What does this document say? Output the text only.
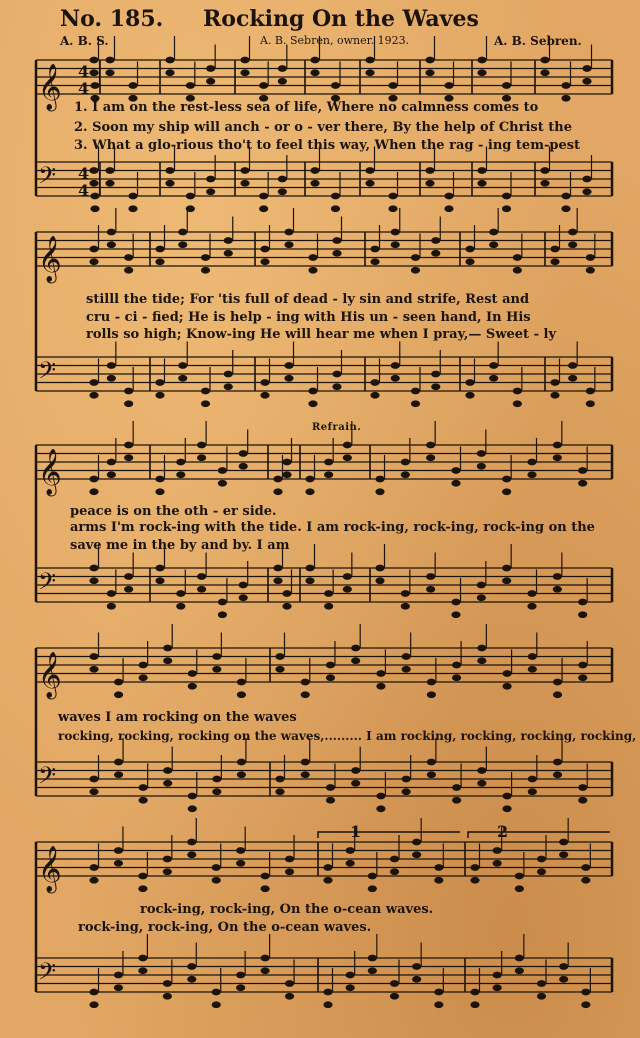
No. 185. Rocking On the Waves
A. B. S.	A. B. Sebren, owner. 1923.	A. B. Sebren.
𝄞
𝄢
𝄞
𝄢
𝄞
𝄢
𝄞
𝄢
𝄞
𝄢
4
4
4
4
1. I am on the rest-less sea of life, Where no calmness comes to
2. Soon my ship will anch - or o - ver there, By the help of Christ the
3. What a glo-rious tho't to feel this way, When the rag - ing tem-pest
stilll the tide; For 'tis full of dead - ly sin and strife, Rest and
cru - ci - fied; He is help - ing with His un - seen hand, In His
rolls so high; Know-ing He will hear me when I pray,— Sweet - ly
Refrain.
peace is on the oth - er side.
arms I'm rock-ing with the tide. I am rock-ing, rock-ing, rock-ing on the
save me in the by and by. I am
waves I am rocking on the waves
rocking, rocking, rocking on the waves,......... I am rocking, rocking, rocking, rocking,
rock-ing, rock-ing, On the o-cean waves.
rock-ing, rock-ing, On the o-cean waves.
1	2
